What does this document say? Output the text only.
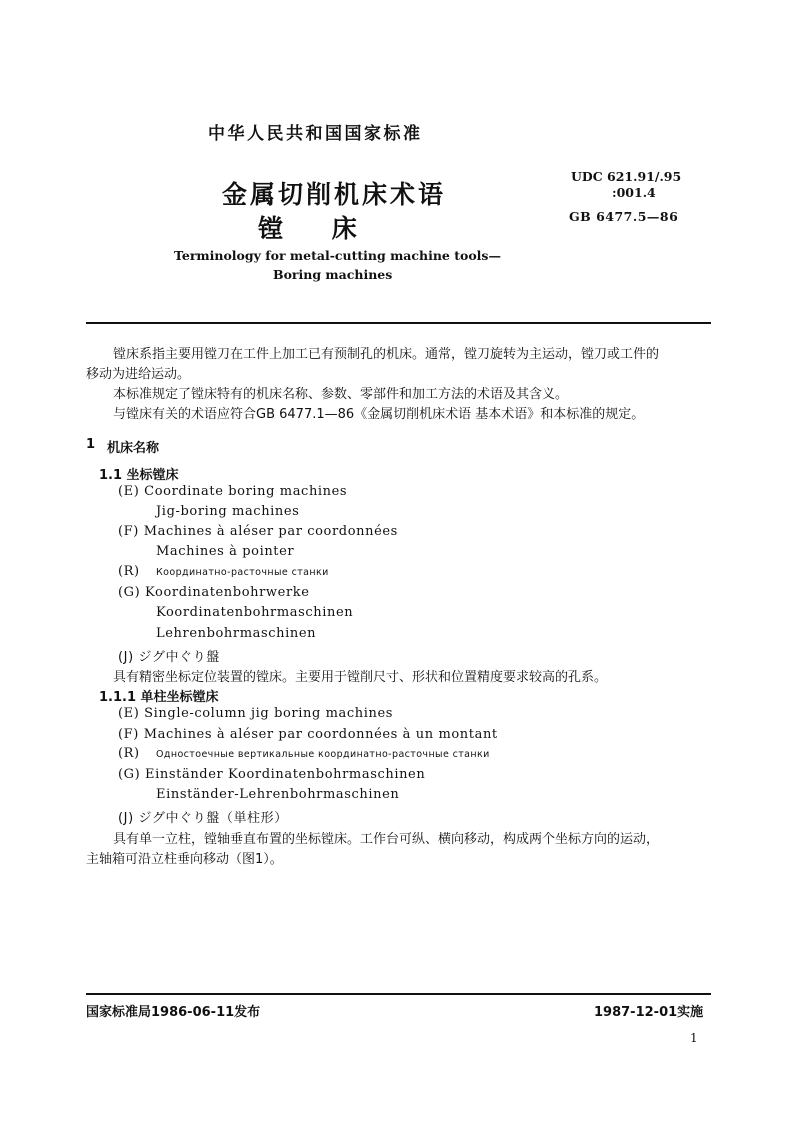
中华人民共和国国家标准
金属切削机床术语
镗 床
UDC 621.91/.95
:001.4
GB 6477.5—86
Terminology for metal-cutting machine tools—
Boring machines
镗床系指主要用镗刀在工件上加工已有预制孔的机床。通常，镗刀旋转为主运动，镗刀或工件的
移动为进给运动。
本标准规定了镗床特有的机床名称、参数、零部件和加工方法的术语及其含义。
与镗床有关的术语应符合GB 6477.1—86《金属切削机床术语 基本术语》和本标准的规定。
1 机床名称
1.1 坐标镗床
(E) Coordinate boring machines
Jig-boring machines
(F) Machines à aléser par coordonnées
Machines à pointer
(R) Координатно-расточные станки
(G) Koordinatenbohrwerke
Koordinatenbohrmaschinen
Lehrenbohrmaschinen
(J) ジグ中ぐり盤
具有精密坐标定位装置的镗床。主要用于镗削尺寸、形状和位置精度要求较高的孔系。
1.1.1 单柱坐标镗床
(E) Single-column jig boring machines
(F) Machines à aléser par coordonnées à un montant
(R) Одностоечные вертикальные координатно-расточные станки
(G) Einständer Koordinatenbohrmaschinen
Einständer-Lehrenbohrmaschinen
(J) ジグ中ぐり盤（単柱形）
具有单一立柱，镗轴垂直布置的坐标镗床。工作台可纵、横向移动，构成两个坐标方向的运动，
主轴箱可沿立柱垂向移动（图1）。
国家标准局1986-06-11发布	1987-12-01实施
1
